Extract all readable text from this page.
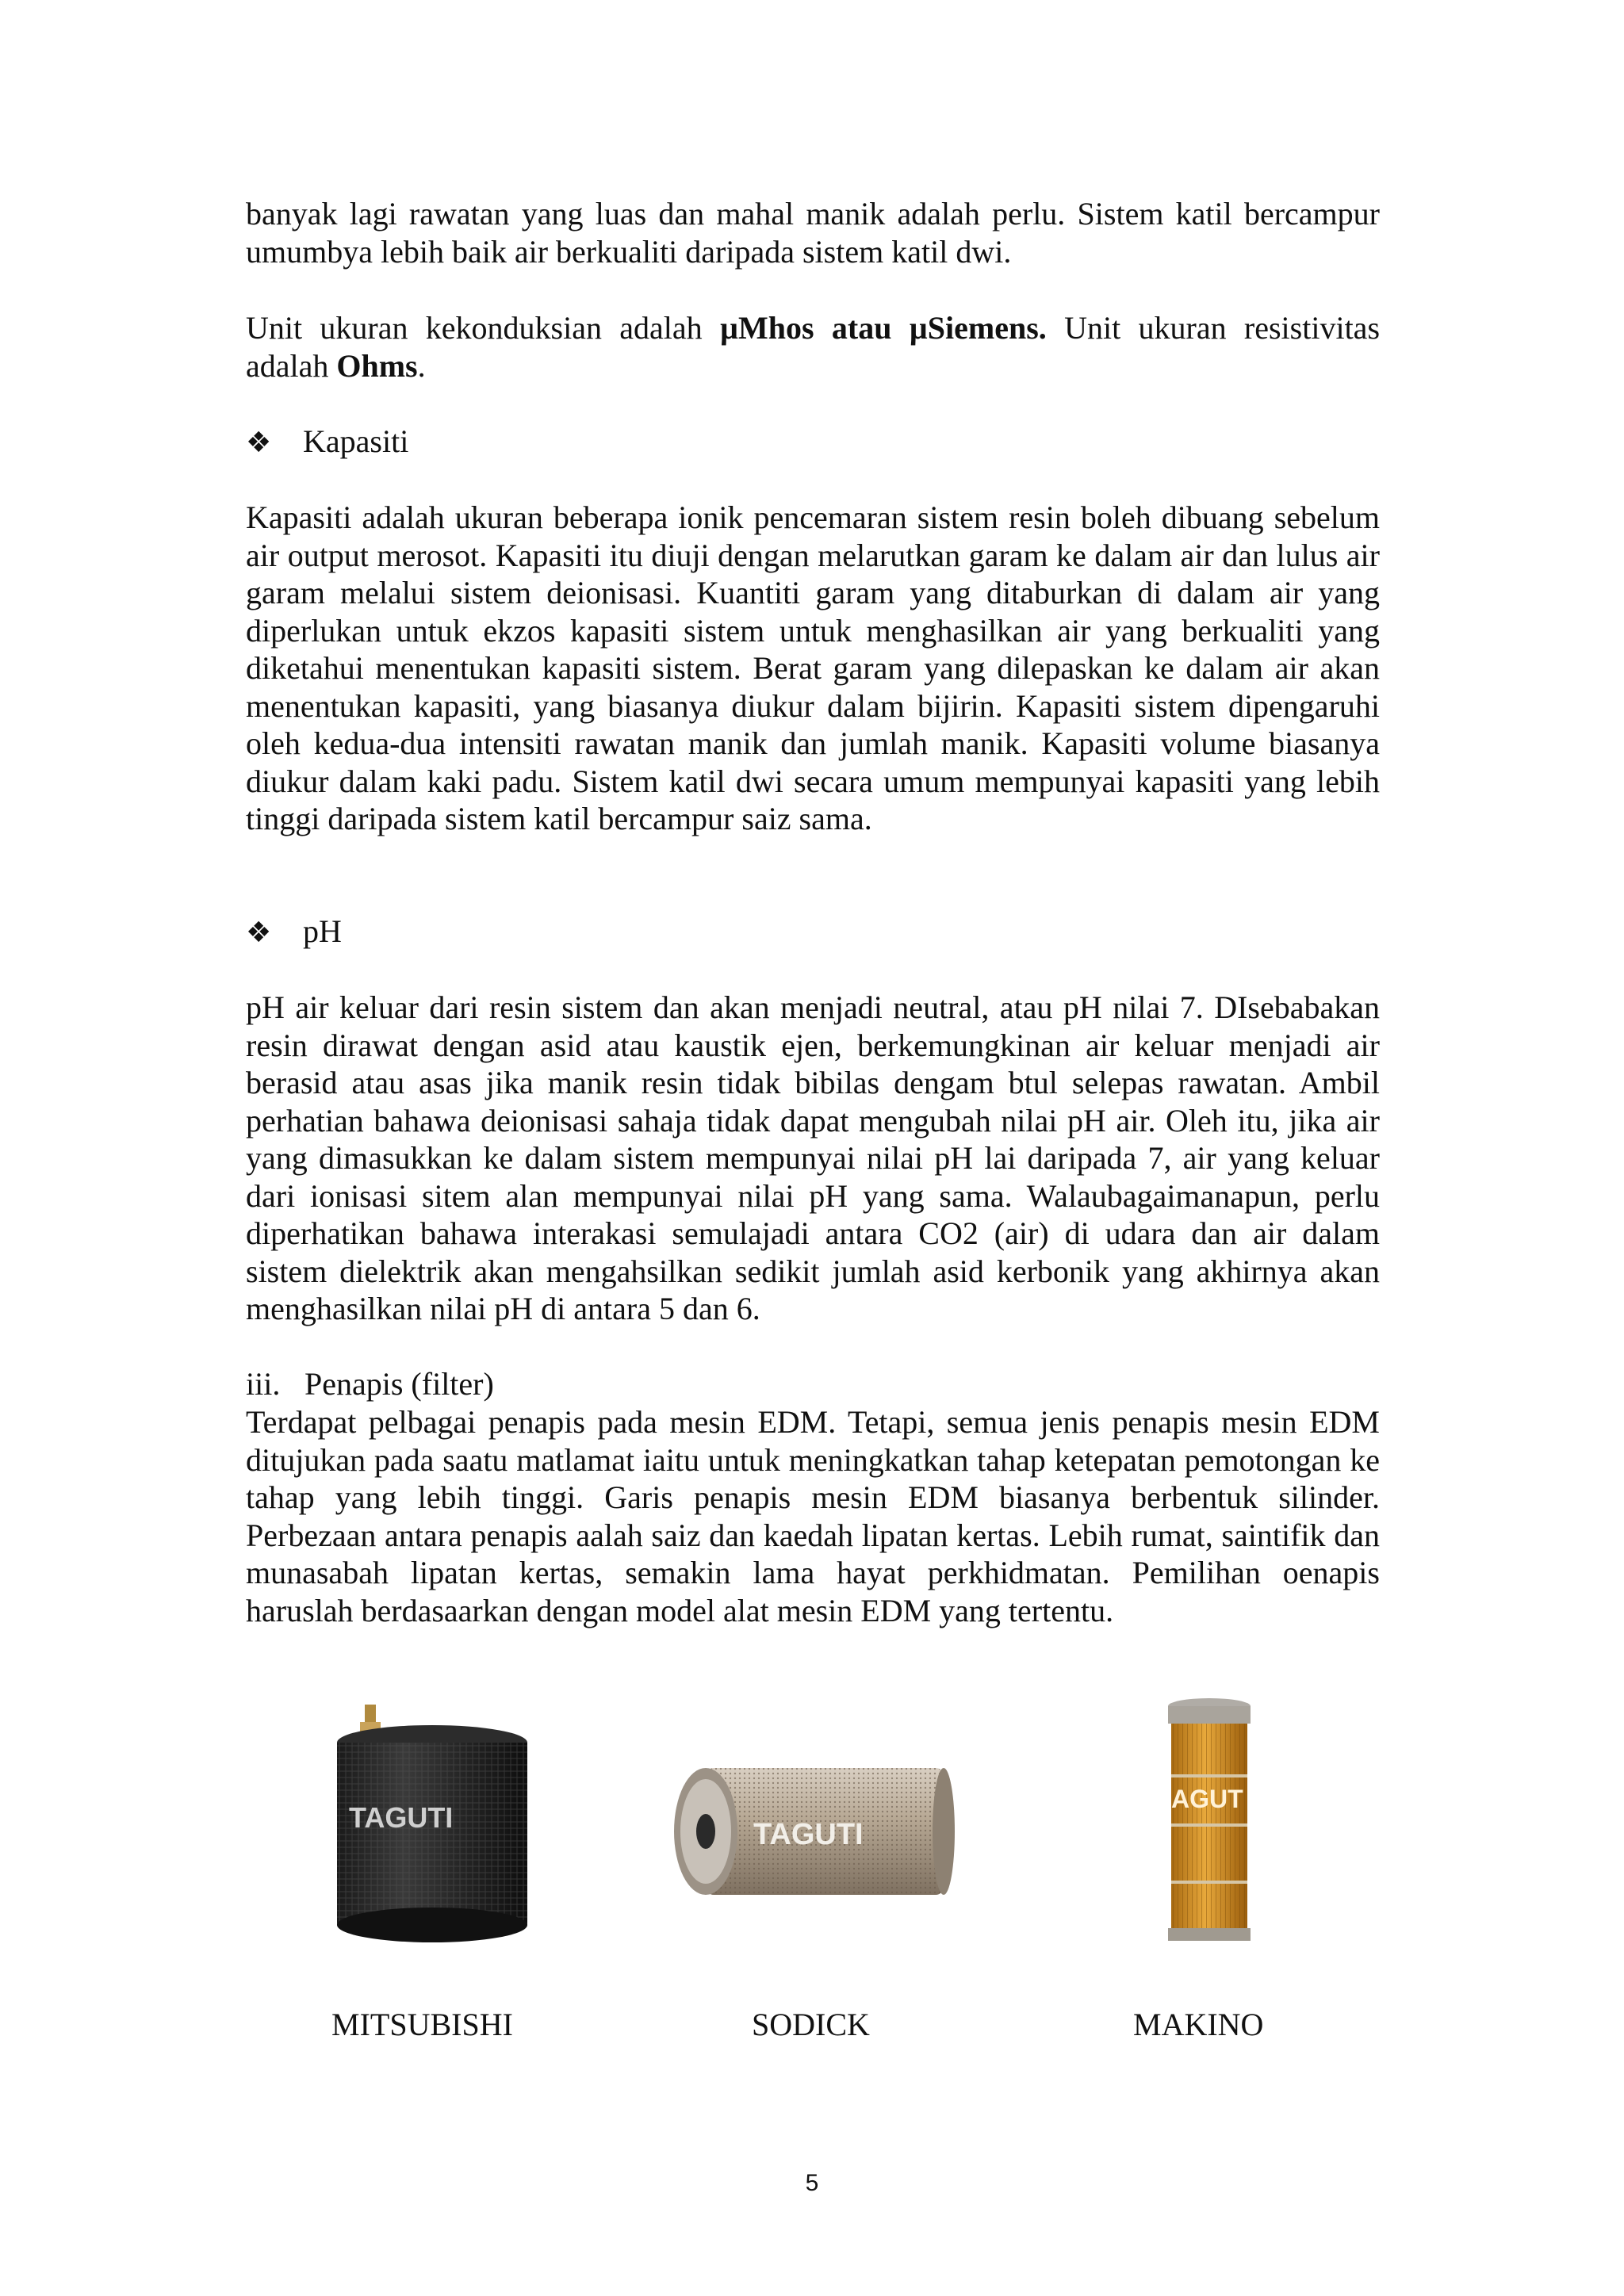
banyak lagi rawatan yang luas dan mahal manik adalah perlu. Sistem katil bercampur umumbya lebih baik air berkualiti daripada sistem katil dwi.

Unit ukuran kekonduksian adalah µMhos atau µSiemens. Unit ukuran resistivitas adalah Ohms.

❖ Kapasiti

Kapasiti adalah ukuran beberapa ionik pencemaran sistem resin boleh dibuang sebelum air output merosot. Kapasiti itu diuji dengan melarutkan garam ke dalam air dan lulus air garam melalui sistem deionisasi. Kuantiti garam yang ditaburkan di dalam air yang diperlukan untuk ekzos kapasiti sistem untuk menghasilkan air yang berkualiti yang diketahui menentukan kapasiti sistem. Berat garam yang dilepaskan ke dalam air akan menentukan kapasiti, yang biasanya diukur dalam bijirin. Kapasiti sistem dipengaruhi oleh kedua-dua intensiti rawatan manik dan jumlah manik. Kapasiti volume biasanya diukur dalam kaki padu. Sistem katil dwi secara umum mempunyai kapasiti yang lebih tinggi daripada sistem katil bercampur saiz sama.

❖ pH

pH air keluar dari resin sistem dan akan menjadi neutral, atau pH nilai 7. DIsebabakan resin dirawat dengan asid atau kaustik ejen, berkemungkinan air keluar menjadi air berasid atau asas jika manik resin tidak bibilas dengam btul selepas rawatan. Ambil perhatian bahawa deionisasi sahaja tidak dapat mengubah nilai pH air. Oleh itu, jika air yang dimasukkan ke dalam sistem mempunyai nilai pH lai daripada 7, air yang keluar dari ionisasi sitem alan mempunyai nilai pH yang sama. Walaubagaimanapun, perlu diperhatikan bahawa interakasi semulajadi antara CO2 (air) di udara dan air dalam sistem dielektrik akan mengahsilkan sedikit jumlah asid kerbonik yang akhirnya akan menghasilkan nilai pH di antara 5 dan 6.

iii. Penapis (filter)

Terdapat pelbagai penapis pada mesin EDM. Tetapi, semua jenis penapis mesin EDM ditujukan pada saatu matlamat iaitu untuk meningkatkan tahap ketepatan pemotongan ke tahap yang lebih tinggi. Garis penapis mesin EDM biasanya berbentuk silinder. Perbezaan antara penapis aalah saiz dan kaedah lipatan kertas. Lebih rumat, saintifik dan munasabah lipatan kertas, semakin lama hayat perkhidmatan. Pemilihan oenapis haruslah berdasaarkan dengan model alat mesin EDM yang tertentu.

TAGUTI
TAGUTI
AGUT
MITSUBISHI	SODICK	MAKINO
5
